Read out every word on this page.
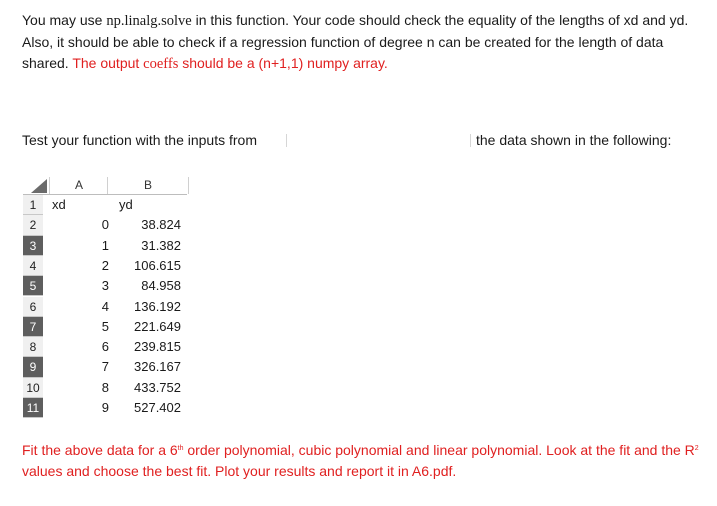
You may use np.linalg.solve in this function. Your code should check the equality of the lengths of xd and yd. Also, it should be able to check if a regression function of degree n can be created for the length of data shared. The output coeffs should be a (n+1,1) numpy array.
Test your function with the inputs from	the data shown in the following:
A	B
1	xd	yd
2	0	38.824
3	1	31.382
4	2	106.615
5	3	84.958
6	4	136.192
7	5	221.649
8	6	239.815
9	7	326.167
10	8	433.752
11	9	527.402
Fit the above data for a 6th order polynomial, cubic polynomial and linear polynomial. Look at the fit and the $R^2$ values and choose the best fit. Plot your results and report it in A6.pdf.
